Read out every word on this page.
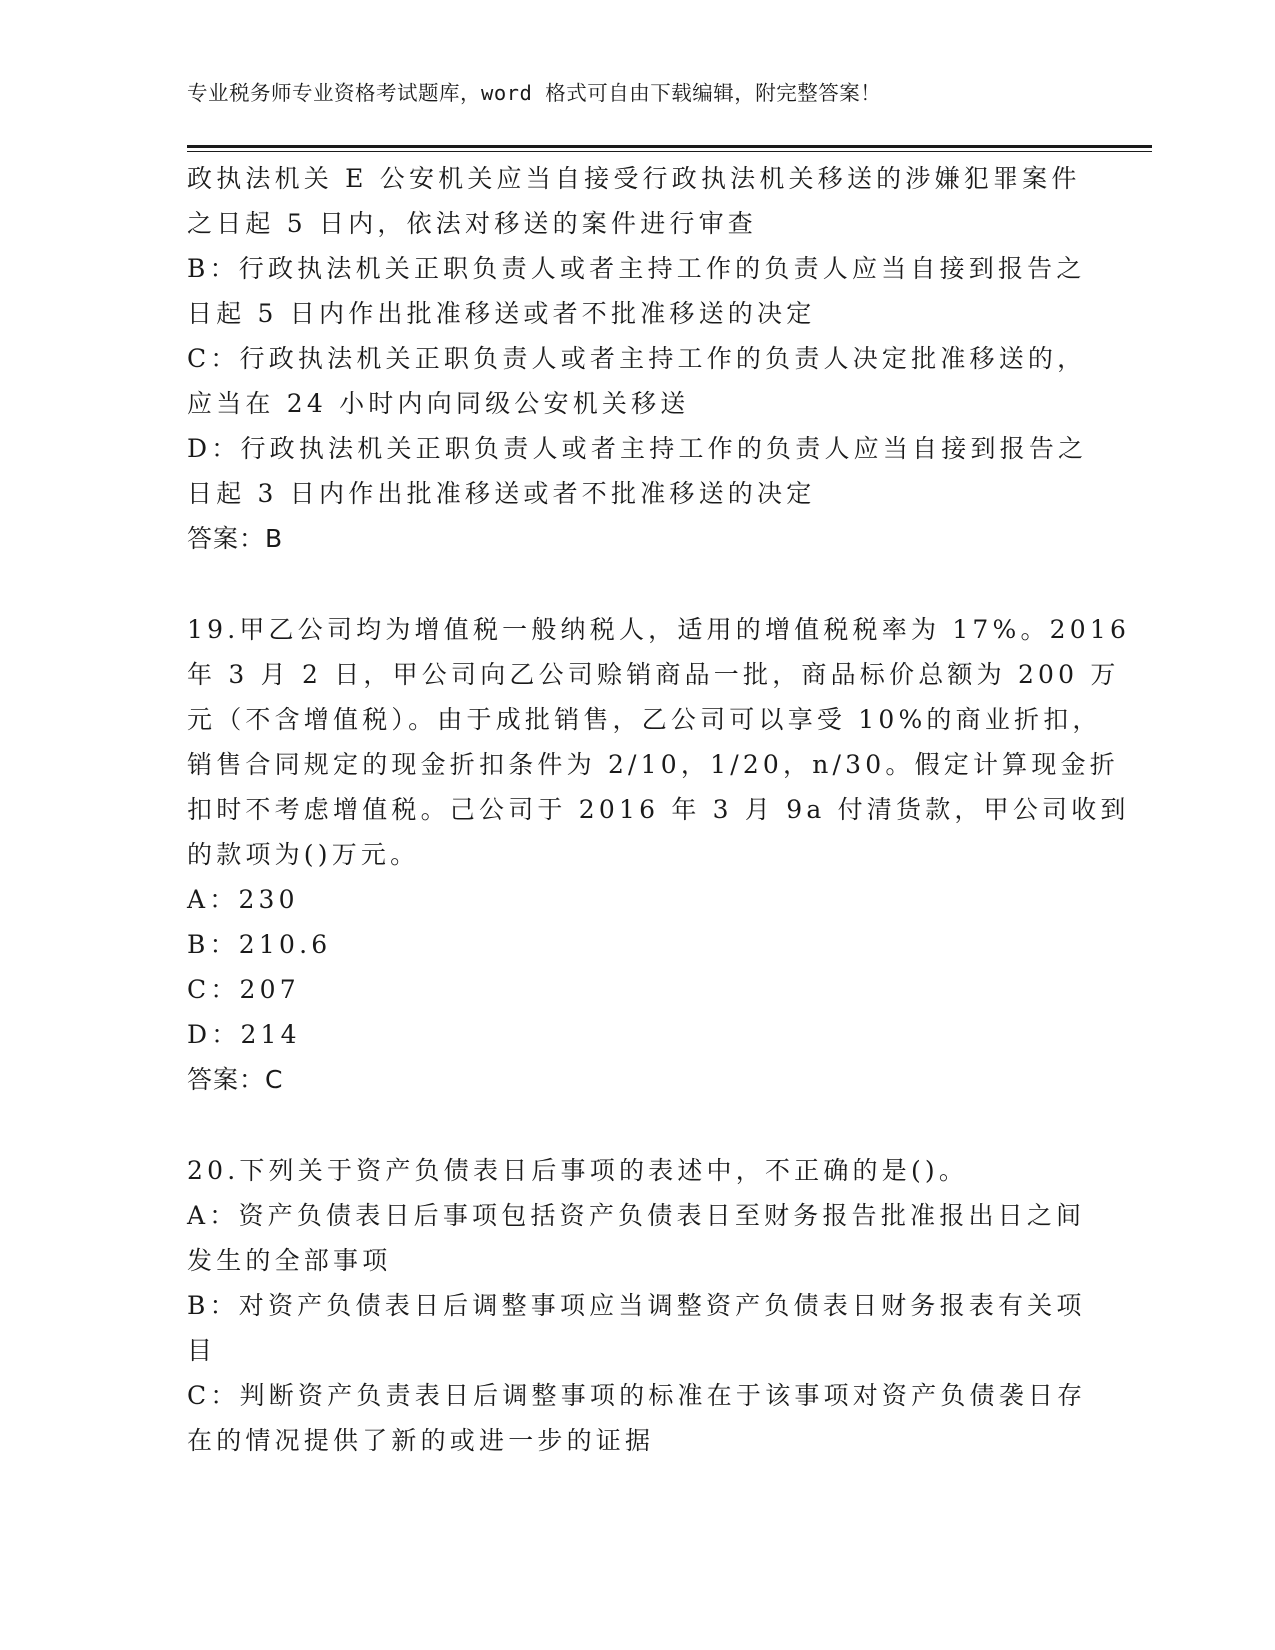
专业税务师专业资格考试题库，word 格式可自由下载编辑，附完整答案！
政执法机关 E 公安机关应当自接受行政执法机关移送的涉嫌犯罪案件
之日起 5 日内，依法对移送的案件进行审查
B：行政执法机关正职负责人或者主持工作的负责人应当自接到报告之
日起 5 日内作出批准移送或者不批准移送的决定
C：行政执法机关正职负责人或者主持工作的负责人决定批准移送的，
应当在 24 小时内向同级公安机关移送
D：行政执法机关正职负责人或者主持工作的负责人应当自接到报告之
日起 3 日内作出批准移送或者不批准移送的决定
答案：B
19.甲乙公司均为增值税一般纳税人，适用的增值税税率为 17%。2016
年 3 月 2 日，甲公司向乙公司赊销商品一批，商品标价总额为 200 万
元（不含增值税）。由于成批销售，乙公司可以享受 10%的商业折扣，
销售合同规定的现金折扣条件为 2/10，1/20，n/30。假定计算现金折
扣时不考虑增值税。己公司于 2016 年 3 月 9a 付清货款，甲公司收到
的款项为()万元。
A：230
B：210.6
C：207
D：214
答案：C
20.下列关于资产负债表日后事项的表述中，不正确的是()。
A：资产负债表日后事项包括资产负债表日至财务报告批准报出日之间
发生的全部事项
B：对资产负债表日后调整事项应当调整资产负债表日财务报表有关项
目
C：判断资产负责表日后调整事项的标准在于该事项对资产负债袭日存
在的情况提供了新的或进一步的证据
